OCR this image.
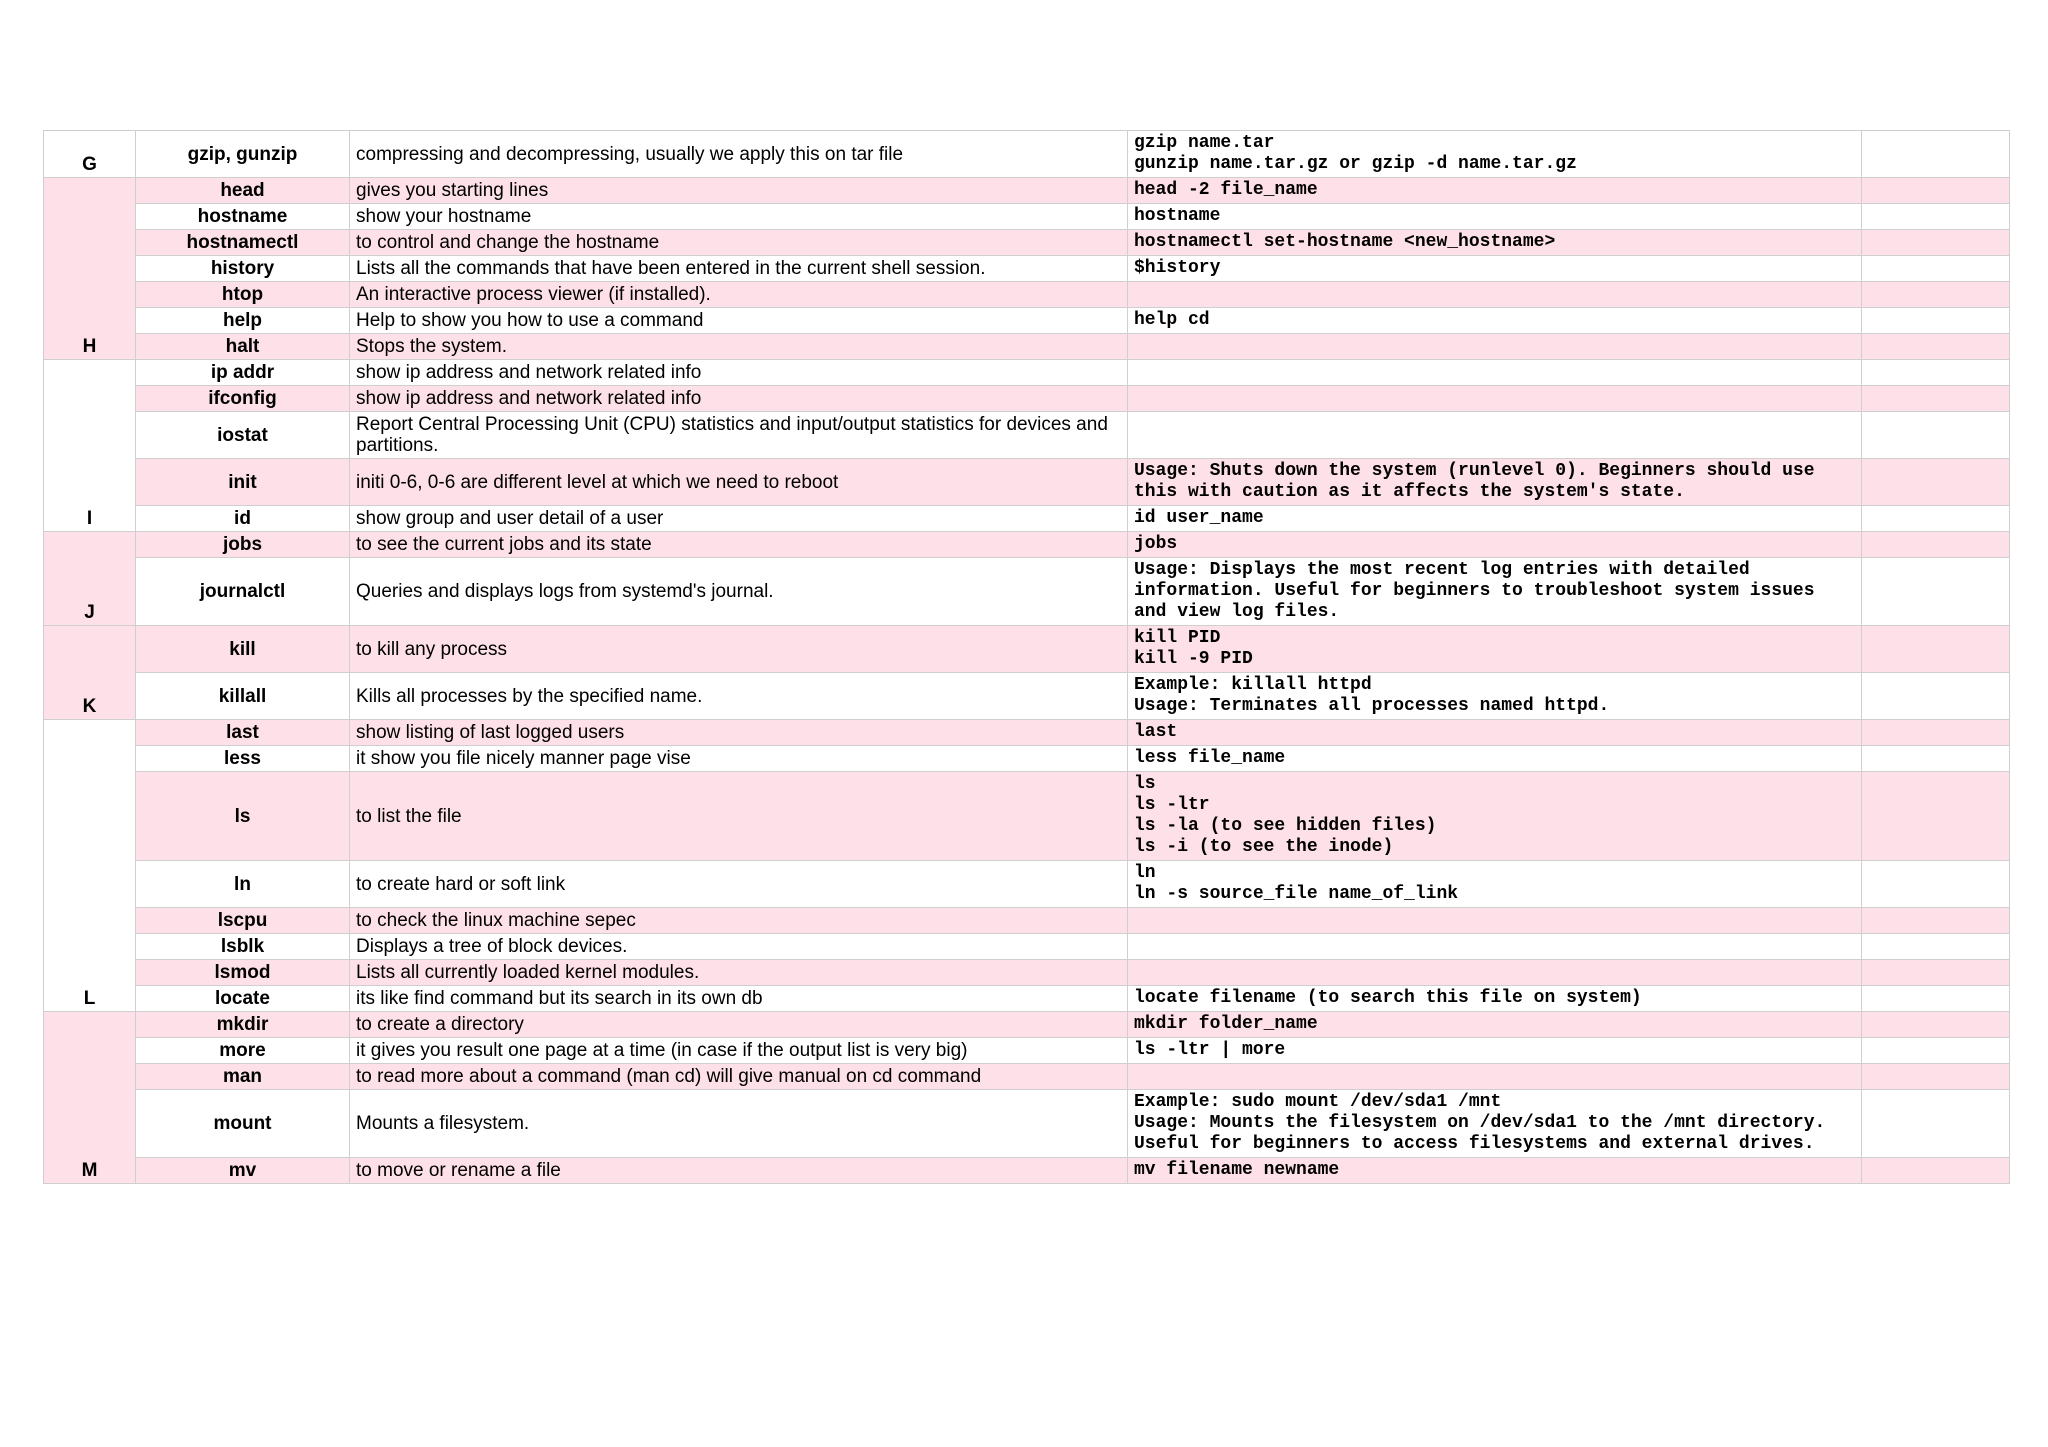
G	gzip, gunzip	compressing and decompressing, usually we apply this on tar file	gzip name.tar
gunzip name.tar.gz or gzip -d name.tar.gz	
H	head	gives you starting lines	head -2 file_name	
	hostname	show your hostname	hostname	
	hostnamectl	to control and change the hostname	hostnamectl set-hostname <new_hostname>	
	history	Lists all the commands that have been entered in the current shell session.	$history	
	htop	An interactive process viewer (if installed).		
	help	Help to show you how to use a command	help cd	
	halt	Stops the system.		
I	ip addr	show ip address and network related info		
	ifconfig	show ip address and network related info		
	iostat	Report Central Processing Unit (CPU) statistics and input/output statistics for devices and partitions.		
	init	initi 0-6, 0-6 are different level at which we need to reboot	Usage: Shuts down the system (runlevel 0). Beginners should use
this with caution as it affects the system's state.	
	id	show group and user detail of a user	id user_name	
J	jobs	to see the current jobs and its state	jobs	
	journalctl	Queries and displays logs from systemd's journal.	Usage: Displays the most recent log entries with detailed
information. Useful for beginners to troubleshoot system issues
and view log files.	
K	kill	to kill any process	kill PID
kill -9 PID	
	killall	Kills all processes by the specified name.	Example: killall httpd
Usage: Terminates all processes named httpd.	
L	last	show listing of last logged users	last	
	less	it show you file nicely manner page vise	less file_name	
	ls	to list the file	ls
ls -ltr
ls -la (to see hidden files)
ls -i (to see the inode)	
	ln	to create hard or soft link	ln
ln -s source_file name_of_link	
	lscpu	to check the linux machine sepec		
	lsblk	Displays a tree of block devices.		
	lsmod	Lists all currently loaded kernel modules.		
	locate	its like find command but its search in its own db	locate filename (to search this file on system)	
M	mkdir	to create a directory	mkdir folder_name	
	more	it gives you result one page at a time (in case if the output list is very big)	ls -ltr | more	
	man	to read more about a command (man cd) will give manual on cd command		
	mount	Mounts a filesystem.	Example: sudo mount /dev/sda1 /mnt
Usage: Mounts the filesystem on /dev/sda1 to the /mnt directory.
Useful for beginners to access filesystems and external drives.	
	mv	to move or rename a file	mv filename newname	
